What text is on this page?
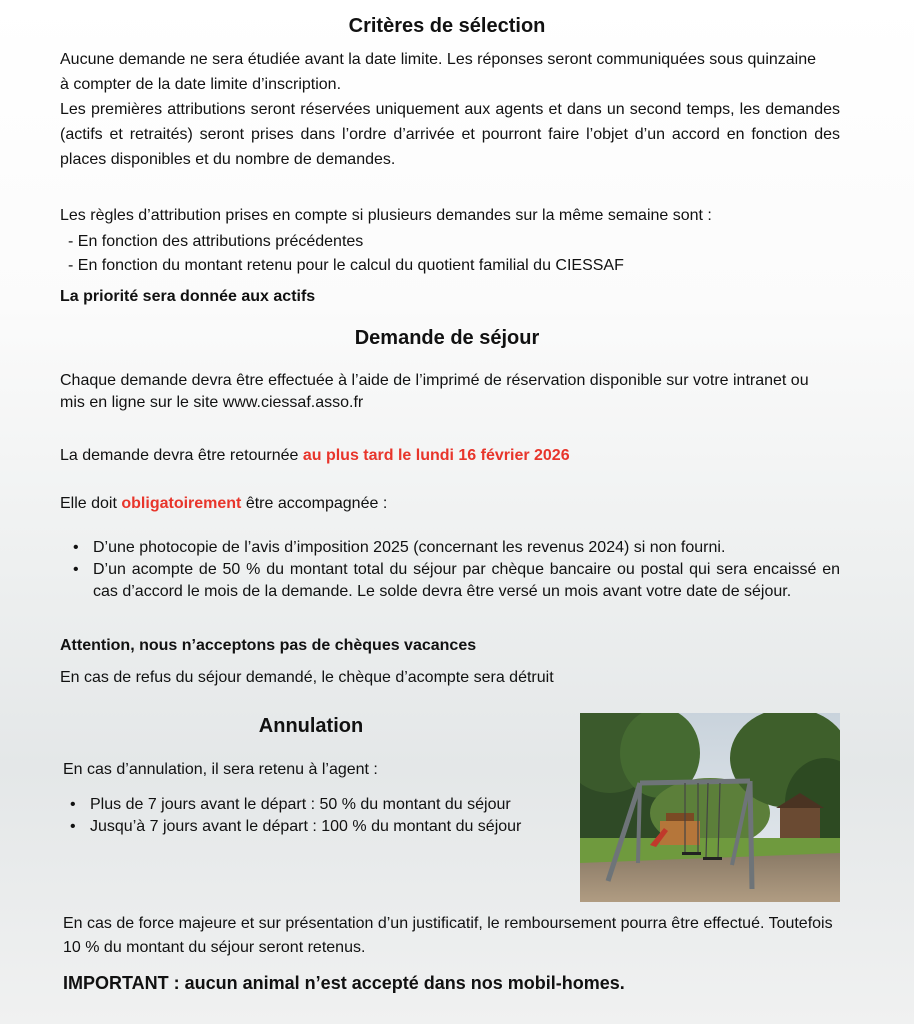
Critères de sélection

Aucune demande ne sera étudiée avant la date limite. Les réponses seront communiquées sous quinzaine à compter de la date limite d’inscription.

Les premières attributions seront réservées uniquement aux agents et dans un second temps, les demandes (actifs et retraités) seront prises dans l’ordre d’arrivée et pourront faire l’objet d’un accord en fonction des places disponibles et du nombre de demandes.

Les règles d’attribution prises en compte si plusieurs demandes sur la même semaine sont :

- En fonction des attributions précédentes
- En fonction du montant retenu pour le calcul du quotient familial du CIESSAF

La priorité sera donnée aux actifs

Demande de séjour

Chaque demande devra être effectuée à l’aide de l’imprimé de réservation disponible sur votre intranet ou mis en ligne sur le site www.ciessaf.asso.fr

La demande devra être retournée au plus tard le lundi 16 février 2026

Elle doit obligatoirement être accompagnée :

• D’une photocopie de l’avis d’imposition 2025 (concernant les revenus 2024) si non fourni.
• D’un acompte de 50 % du montant total du séjour par chèque bancaire ou postal qui sera encaissé en cas d’accord le mois de la demande. Le solde devra être versé un mois avant votre date de séjour.

Attention, nous n’acceptons pas de chèques vacances

En cas de refus du séjour demandé, le chèque d’acompte sera détruit

Annulation

En cas d’annulation, il sera retenu à l’agent :

• Plus de 7 jours avant le départ : 50 % du montant du séjour
• Jusqu’à 7 jours avant le départ : 100 % du montant du séjour

En cas de force majeure et sur présentation d’un justificatif, le remboursement pourra être effectué. Toutefois 10 % du montant du séjour seront retenus.

IMPORTANT : aucun animal n’est accepté dans nos mobil-homes.
